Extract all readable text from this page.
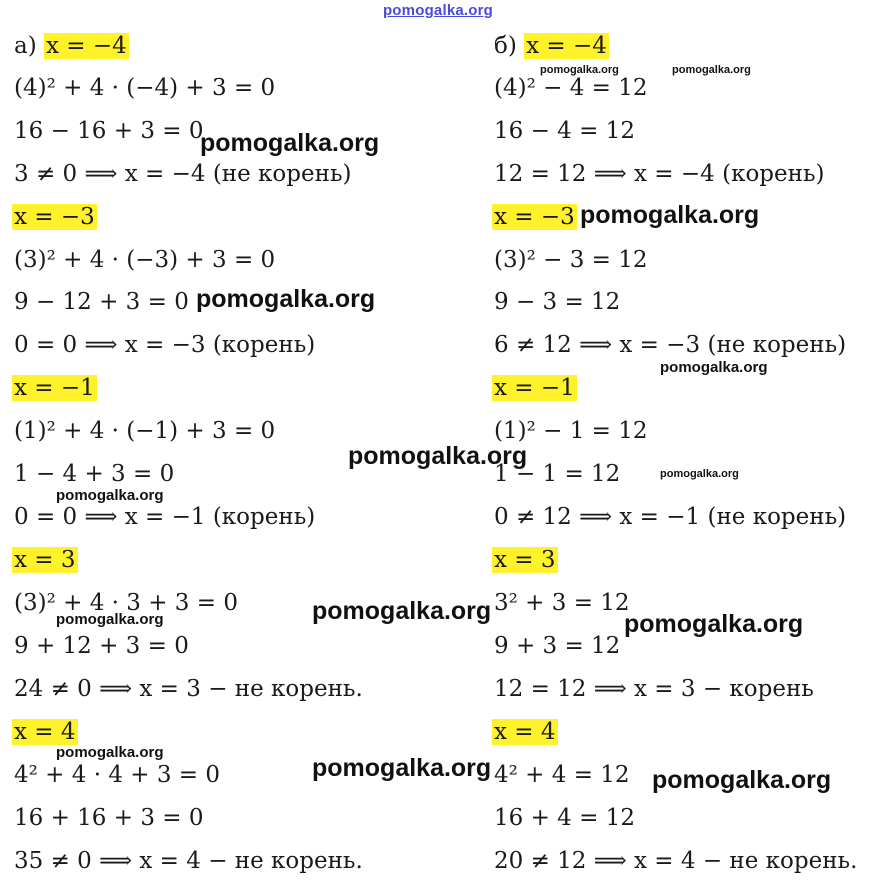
pomogalka.org
а) x = −4
(4)² + 4 · (−4) + 3 = 0
16 − 16 + 3 = 0
3 ≠ 0 ⟹ x = −4 (не корень)
x = −3
(3)² + 4 · (−3) + 3 = 0
9 − 12 + 3 = 0
0 = 0 ⟹ x = −3 (корень)
x = −1
(1)² + 4 · (−1) + 3 = 0
1 − 4 + 3 = 0
0 = 0 ⟹ x = −1 (корень)
x = 3
(3)² + 4 · 3 + 3 = 0
9 + 12 + 3 = 0
24 ≠ 0 ⟹ x = 3 − не корень.
x = 4
4² + 4 · 4 + 3 = 0
16 + 16 + 3 = 0
35 ≠ 0 ⟹ x = 4 − не корень.
б) x = −4
(4)² − 4 = 12
16 − 4 = 12
12 = 12 ⟹ x = −4 (корень)
x = −3
(3)² − 3 = 12
9 − 3 = 12
6 ≠ 12 ⟹ x = −3 (не корень)
x = −1
(1)² − 1 = 12
1 − 1 = 12
0 ≠ 12 ⟹ x = −1 (не корень)
x = 3
3² + 3 = 12
9 + 3 = 12
12 = 12 ⟹ x = 3 − корень
x = 4
4² + 4 = 12
16 + 4 = 12
20 ≠ 12 ⟹ x = 4 − не корень.
pomogalka.org
pomogalka.org
pomogalka.org
pomogalka.org
pomogalka.org
pomogalka.org
pomogalka.org
pomogalka.org
pomogalka.org	pomogalka.org
pomogalka.org
pomogalka.org
pomogalka.org
pomogalka.org
pomogalka.org
